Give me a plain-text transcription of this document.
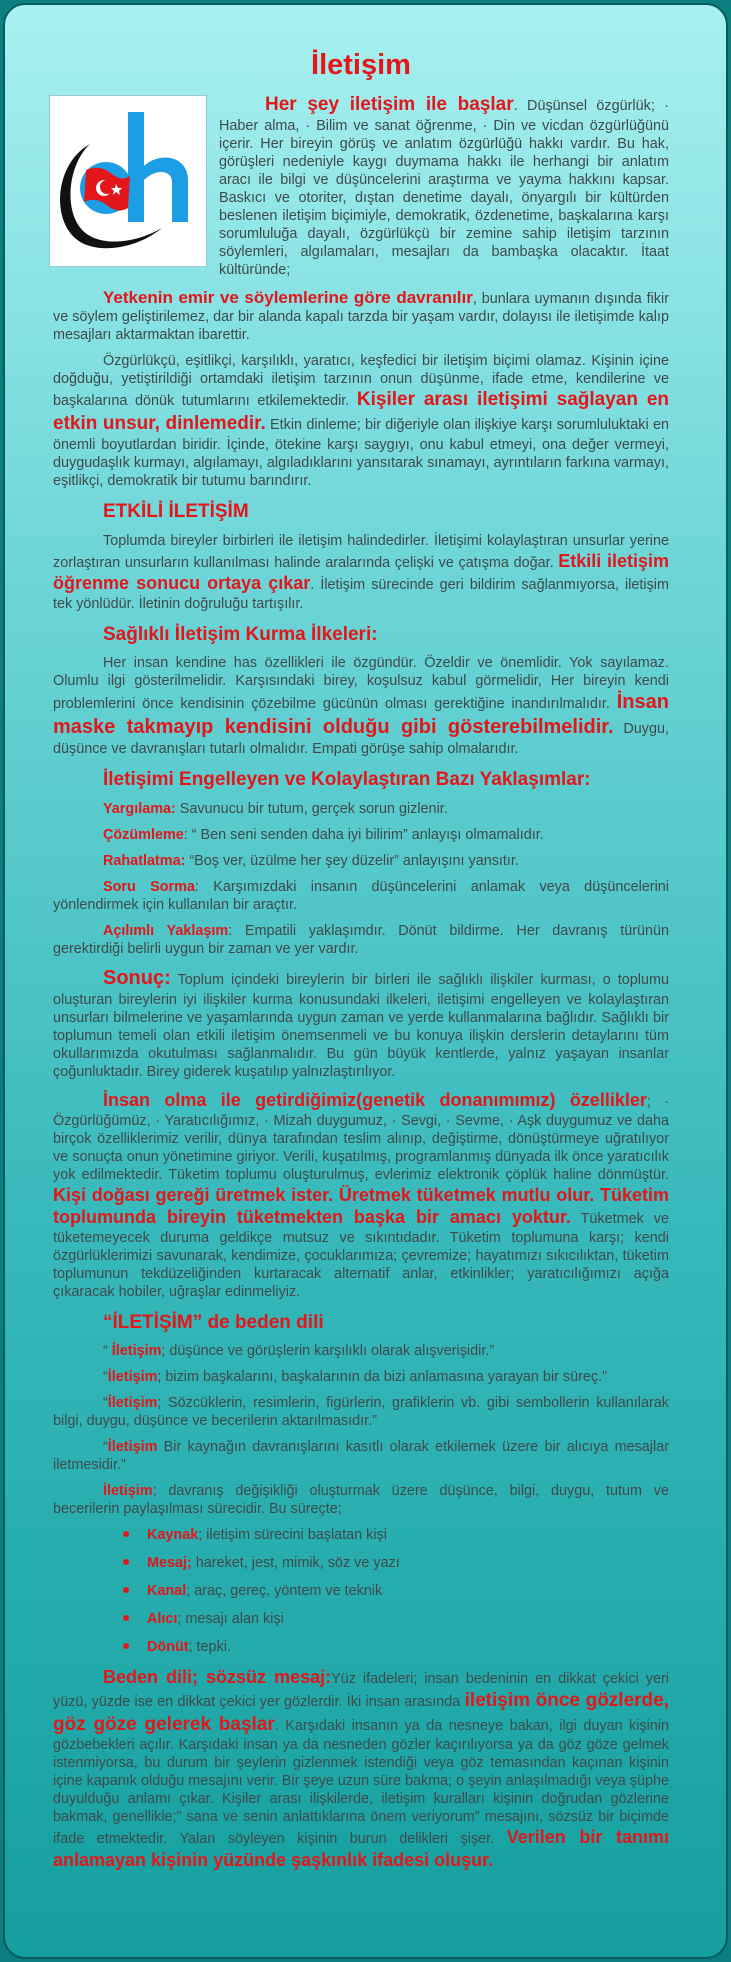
İletişim

Her şey iletişim ile başlar. Düşünsel özgürlük; · Haber alma, · Bilim ve sanat öğrenme, · Din ve vicdan özgürlüğünü içerir. Her bireyin görüş ve anlatım özgürlüğü hakkı vardır. Bu hak, görüşleri nedeniyle kaygı duymama hakkı ile herhangi bir anlatım aracı ile bilgi ve düşüncelerini araştırma ve yayma hakkını kapsar. Baskıcı ve otoriter, dıştan denetime dayalı, önyargılı bir kültürden beslenen iletişim biçimiyle, demokratik, özdenetime, başkalarına karşı sorumluluğa dayalı, özgürlükçü bir zemine sahip iletişim tarzının söylemleri, algılamaları, mesajları da bambaşka olacaktır. İtaat kültüründe;

Yetkenin emir ve söylemlerine göre davranılır, bunlara uymanın dışında fikir ve söylem geliştirilemez, dar bir alanda kapalı tarzda bir yaşam vardır, dolayısı ile iletişimde kalıp mesajları aktarmaktan ibarettir.

Özgürlükçü, eşitlikçi, karşılıklı, yaratıcı, keşfedici bir iletişim biçimi olamaz. Kişinin içine doğduğu, yetiştirildiği ortamdaki iletişim tarzının onun düşünme, ifade etme, kendilerine ve başkalarına dönük tutumlarını etkilemektedir. Kişiler arası iletişimi sağlayan en etkin unsur, dinlemedir. Etkin dinleme; bir diğeriyle olan ilişkiye karşı sorumluluktaki en önemli boyutlardan biridir. İçinde, ötekine karşı saygıyı, onu kabul etmeyi, ona değer vermeyi, duygudaşlık kurmayı, algılamayı, algıladıklarını yansıtarak sınamayı, ayrıntıların farkına varmayı, eşitlikçi, demokratik bir tutumu barındırır.

ETKİLİ İLETİŞİM

Toplumda bireyler birbirleri ile iletişim halindedirler. İletişimi kolaylaştıran unsurlar yerine zorlaştıran unsurların kullanılması halinde aralarında çelişki ve çatışma doğar. Etkili iletişim öğrenme sonucu ortaya çıkar. İletişim sürecinde geri bildirim sağlanmıyorsa, iletişim tek yönlüdür. İletinin doğruluğu tartışılır.

Sağlıklı İletişim Kurma İlkeleri:

Her insan kendine has özellikleri ile özgündür. Özeldir ve önemlidir. Yok sayılamaz. Olumlu ilgi gösterilmelidir. Karşısındaki birey, koşulsuz kabul görmelidir, Her bireyin kendi problemlerini önce kendisinin çözebilme gücünün olması gerektiğine inandırılmalıdır. İnsan maske takmayıp kendisini olduğu gibi gösterebilmelidir. Duygu, düşünce ve davranışları tutarlı olmalıdır. Empati görüşe sahip olmalarıdır.

İletişimi Engelleyen ve Kolaylaştıran Bazı Yaklaşımlar:

Yargılama: Savunucu bir tutum, gerçek sorun gizlenir.

Çözümleme: “ Ben seni senden daha iyi bilirim” anlayışı olmamalıdır.

Rahatlatma: “Boş ver, üzülme her şey düzelir” anlayışını yansıtır.

Soru Sorma: Karşımızdaki insanın düşüncelerini anlamak veya düşüncelerini yönlendirmek için kullanılan bir araçtır.

Açılımlı Yaklaşım: Empatili yaklaşımdır. Dönüt bildirme. Her davranış türünün gerektirdiği belirli uygun bir zaman ve yer vardır.

Sonuç: Toplum içindeki bireylerin bir birleri ile sağlıklı ilişkiler kurması, o toplumu oluşturan bireylerin iyi ilişkiler kurma konusundaki ilkeleri, iletişimi engelleyen ve kolaylaştıran unsurları bilmelerine ve yaşamlarında uygun zaman ve yerde kullanmalarına bağlıdır. Sağlıklı bir toplumun temeli olan etkili iletişim önemsenmeli ve bu konuya ilişkin derslerin detaylarını tüm okullarımızda okutulması sağlanmalıdır. Bu gün büyük kentlerde, yalnız yaşayan insanlar çoğunluktadır. Birey giderek kuşatılıp yalnızlaştırılıyor.

İnsan olma ile getirdiğimiz(genetik donanımımız) özellikler; · Özgürlüğümüz, · Yaratıcılığımız, · Mizah duygumuz, · Sevgi, · Sevme, · Aşk duygumuz ve daha birçok özelliklerimiz verilir, dünya tarafından teslim alınıp, değiştirme, dönüştürmeye uğratılıyor ve sonuçta onun yönetimine giriyor. Verili, kuşatılmış, programlanmış dünyada ilk önce yaratıcılık yok edilmektedir. Tüketim toplumu oluşturulmuş, evlerimiz elektronik çöplük haline dönmüştür. Kişi doğası gereği üretmek ister. Üretmek tüketmek mutlu olur. Tüketim toplumunda bireyin tüketmekten başka bir amacı yoktur. Tüketmek ve tüketemeyecek duruma geldikçe mutsuz ve sıkıntıdadır. Tüketim toplumuna karşı; kendi özgürlüklerimizi savunarak, kendimize, çocuklarımıza; çevremize; hayatımızı sıkıcılıktan, tüketim toplumunun tekdüzeliğinden kurtaracak alternatif anlar, etkinlikler; yaratıcılığımızı açığa çıkaracak hobiler, uğraşlar edinmeliyiz.

“İLETİŞİM” de beden dili

“ İletişim; düşünce ve görüşlerin karşılıklı olarak alışverişidir.”

“İletişim; bizim başkalarını, başkalarının da bizi anlamasına yarayan bir süreç.”

“İletişim; Sözcüklerin, resimlerin, figürlerin, grafiklerin vb. gibi sembollerin kullanılarak bilgi, duygu, düşünce ve becerilerin aktarılmasıdır.”

“İletişim Bir kaynağın davranışlarını kasıtlı olarak etkilemek üzere bir alıcıya mesajlar iletmesidir.”

İletişim; davranış değişikliği oluşturmak üzere düşünce, bilgi, duygu, tutum ve becerilerin paylaşılması sürecidir. Bu süreçte;

Kaynak; iletişim sürecini başlatan kişi
Mesaj; hareket, jest, mimik, söz ve yazı
Kanal; araç, gereç, yöntem ve teknik
Alıcı; mesajı alan kişi
Dönüt; tepki.

Beden dili; sözsüz mesaj:Yüz ifadeleri; insan bedeninin en dikkat çekici yeri yüzü, yüzde ise en dikkat çekici yer gözlerdir. İki insan arasında iletişim önce gözlerde, göz göze gelerek başlar. Karşıdaki insanın ya da nesneye bakan, ilgi duyan kişinin gözbebekleri açılır. Karşıdaki insan ya da nesneden gözler kaçırılıyorsa ya da göz göze gelmek istenmiyorsa, bu durum bir şeylerin gizlenmek istendiği veya göz temasından kaçınan kişinin içine kapanık olduğu mesajını verir. Bir şeye uzun süre bakma; o şeyin anlaşılmadığı veya şüphe duyulduğu anlamı çıkar. Kişiler arası ilişkilerde, iletişim kuralları kişinin doğrudan gözlerine bakmak, genellikle;” sana ve senin anlattıklarına önem veriyorum” mesajını, sözsüz bir biçimde ifade etmektedir. Yalan söyleyen kişinin burun delikleri şişer. Verilen bir tanımı anlamayan kişinin yüzünde şaşkınlık ifadesi oluşur.
